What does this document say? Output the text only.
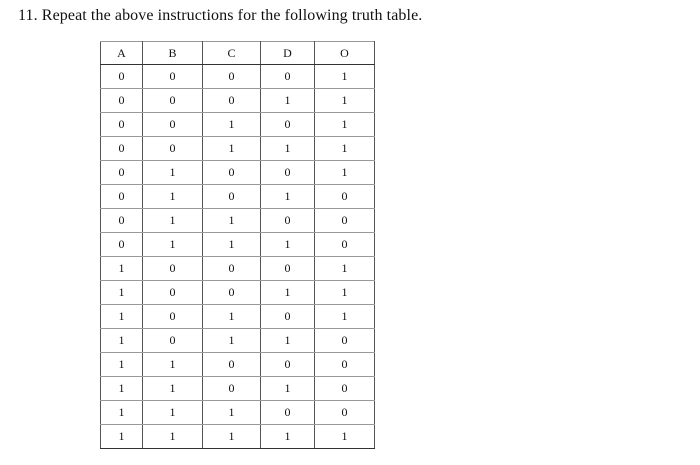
11. Repeat the above instructions for the following truth table.
A	B	C	D	O
0	0	0	0	1
0	0	0	1	1
0	0	1	0	1
0	0	1	1	1
0	1	0	0	1
0	1	0	1	0
0	1	1	0	0
0	1	1	1	0
1	0	0	0	1
1	0	0	1	1
1	0	1	0	1
1	0	1	1	0
1	1	0	0	0
1	1	0	1	0
1	1	1	0	0
1	1	1	1	1
